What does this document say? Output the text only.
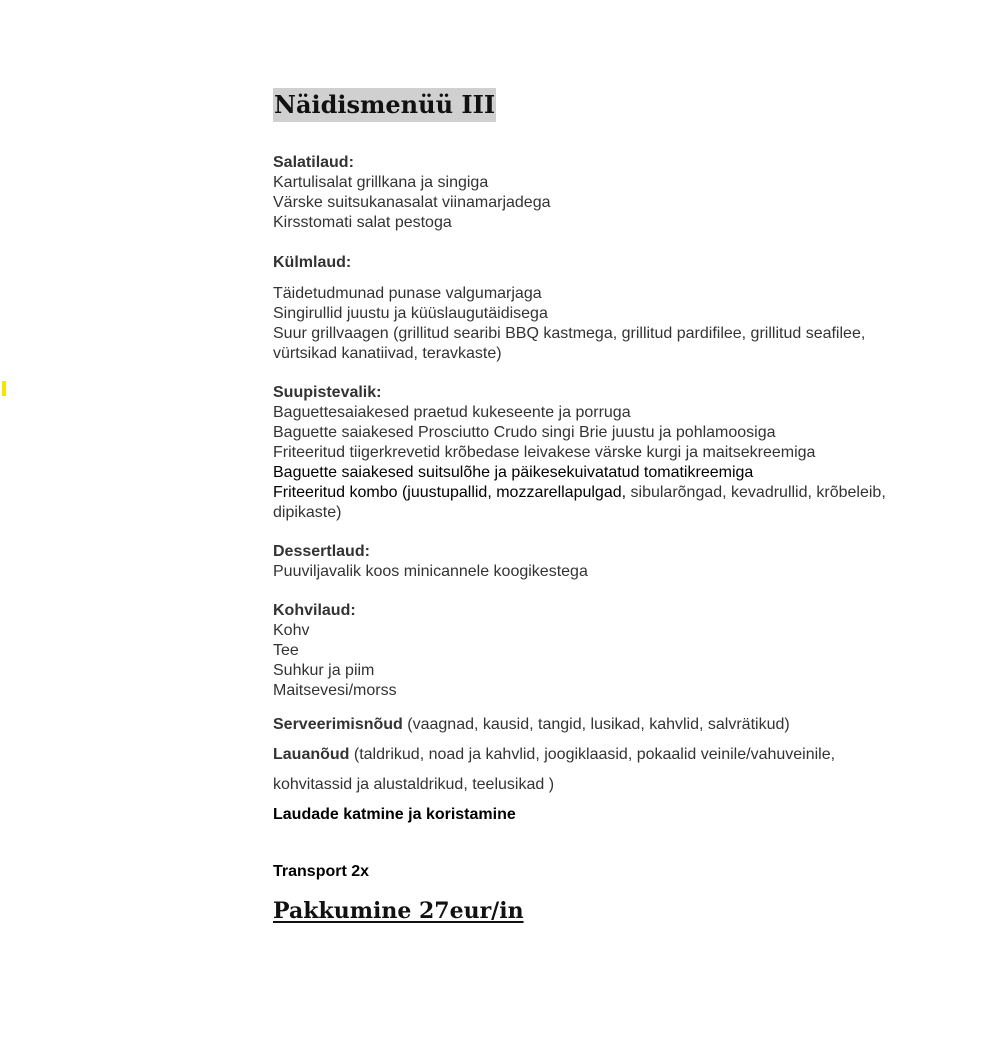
Näidismenüü III
Salatilaud:
Kartulisalat grillkana ja singiga
Värske suitsukanasalat viinamarjadega
Kirsstomati salat pestoga
Külmlaud:
Täidetudmunad punase valgumarjaga
Singirullid juustu ja küüslaugutäidisega
Suur grillvaagen (grillitud searibi BBQ kastmega, grillitud pardifilee, grillitud seafilee, vürtsikad kanatiivad, teravkaste)
Suupistevalik:
Baguettesaiakesed praetud kukeseente ja porruga
Baguette saiakesed Prosciutto Crudo singi Brie juustu ja pohlamoosiga
Friteeritud tiigerkrevetid krõbedase leivakese värske kurgi ja maitsekreemiga
Baguette saiakesed suitsulõhe ja päikesekuivatatud tomatikreemiga
Friteeritud kombo (juustupallid, mozzarellapulgad, sibularõngad, kevadrullid, krõbeleib, dipikaste)
Dessertlaud:
Puuviljavalik koos minicannele koogikestega
Kohvilaud:
Kohv
Tee
Suhkur ja piim
Maitsevesi/morss

Serveerimisnõud (vaagnad, kausid, tangid, lusikad, kahvlid, salvrätikud)

Lauanõud (taldrikud, noad ja kahvlid, joogiklaasid, pokaalid veinile/vahuveinile, kohvitassid ja alustaldrikud, teelusikad )

Laudade katmine ja koristamine

Transport 2x

Pakkumine 27eur/in
